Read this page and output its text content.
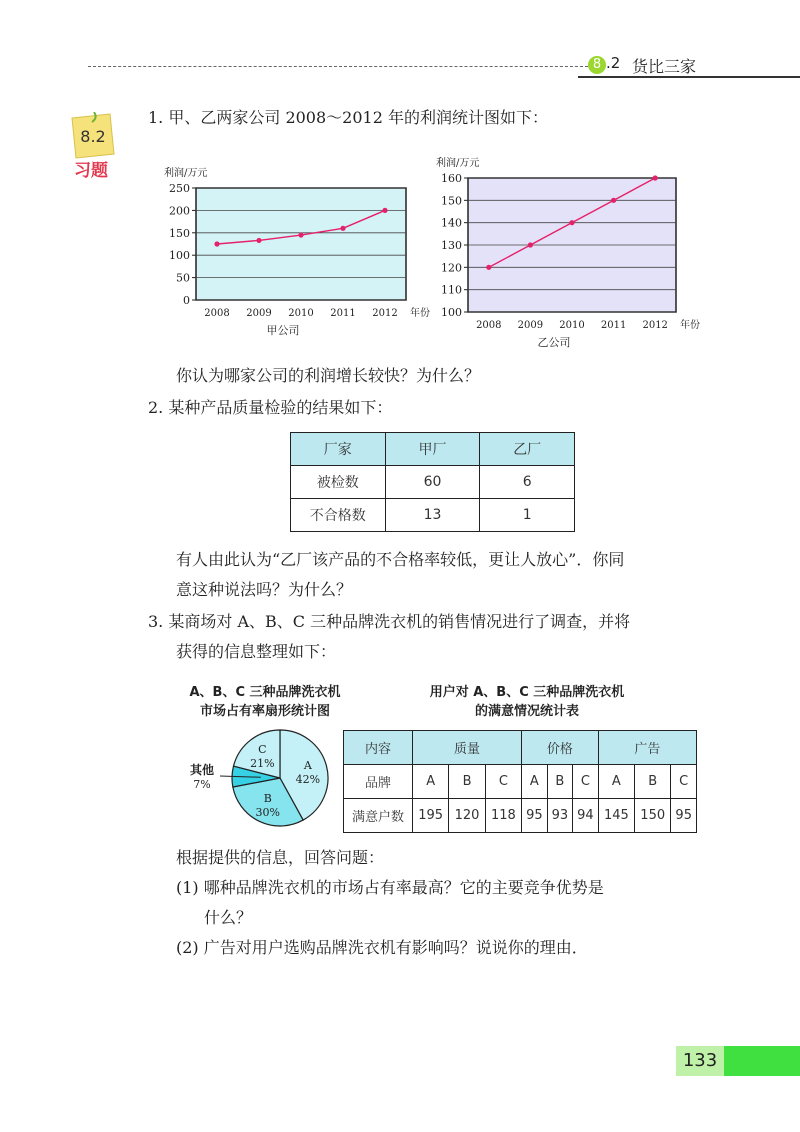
8 .2 货比三家
8.2
习题
1. 甲、乙两家公司 2008～2012 年的利润统计图如下：
0
50
100
150
200
250
2008 2009 2010 2011 2012
利润/万元
年份
甲公司
100
110
120
130
140
150
160
2008 2009 2010 2011 2012
利润/万元
年份
乙公司
你认为哪家公司的利润增长较快？为什么？
2. 某种产品质量检验的结果如下：
厂家	甲厂	乙厂
被检数	60	6
不合格数	13	1
有人由此认为“乙厂该产品的不合格率较低，更让人放心”．你同
意这种说法吗？为什么？
3. 某商场对 A、B、C 三种品牌洗衣机的销售情况进行了调查，并将
获得的信息整理如下：
A、B、C 三种品牌洗衣机
市场占有率扇形统计图
用户对 A、B、C 三种品牌洗衣机
的满意情况统计表
A
42%
B
30%
其他
7%
C
21%
内容	质量			价格			广告		
品牌	A	B	C	A	B	C	A	B	C
满意户数	195	120	118	95	93	94	145	150	95
根据提供的信息，回答问题：
(1) 哪种品牌洗衣机的市场占有率最高？它的主要竞争优势是
什么？
(2) 广告对用户选购品牌洗衣机有影响吗？说说你的理由．
133
